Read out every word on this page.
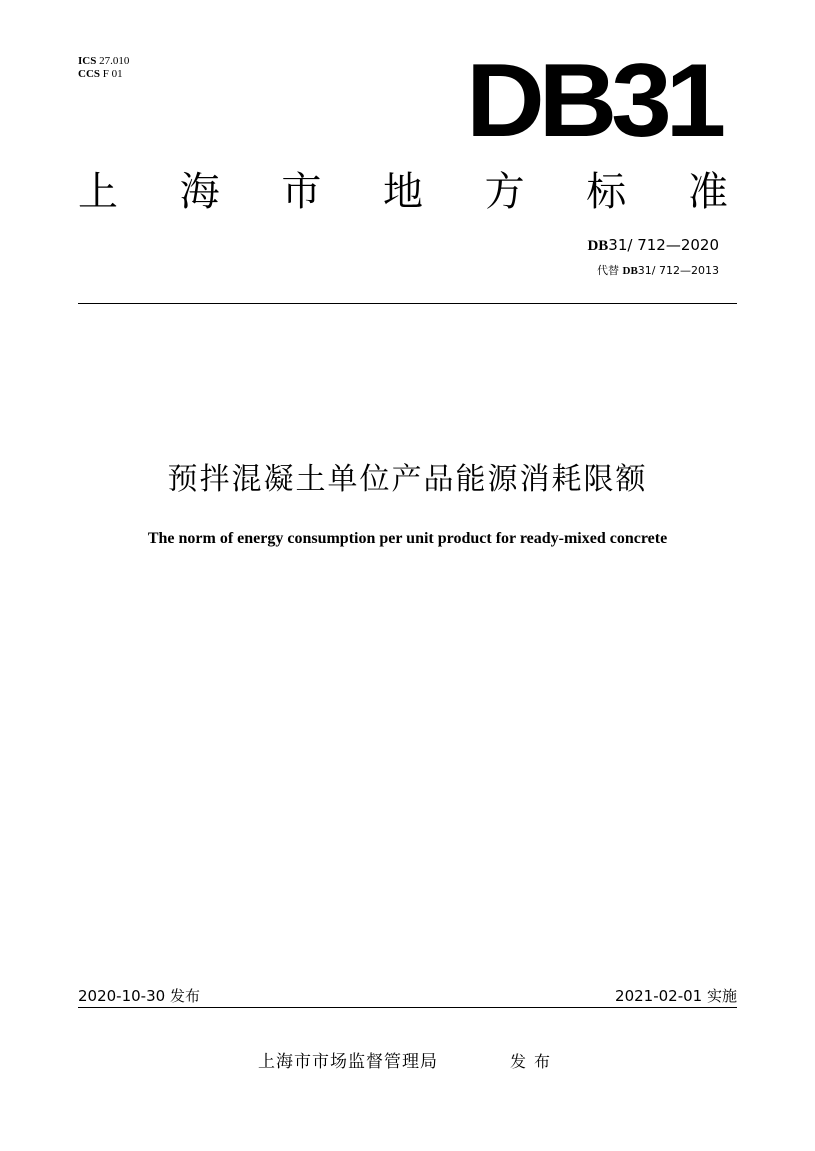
ICS 27.010
CCS F 01	DB31
上 海 市 地 方 标 准
DB31/ 712—2020
代替 DB31/ 712—2013
预拌混凝土单位产品能源消耗限额
The norm of energy consumption per unit product for ready-mixed concrete
2020-10-30 发布	2021-02-01 实施
上海市市场监督管理局	发布
